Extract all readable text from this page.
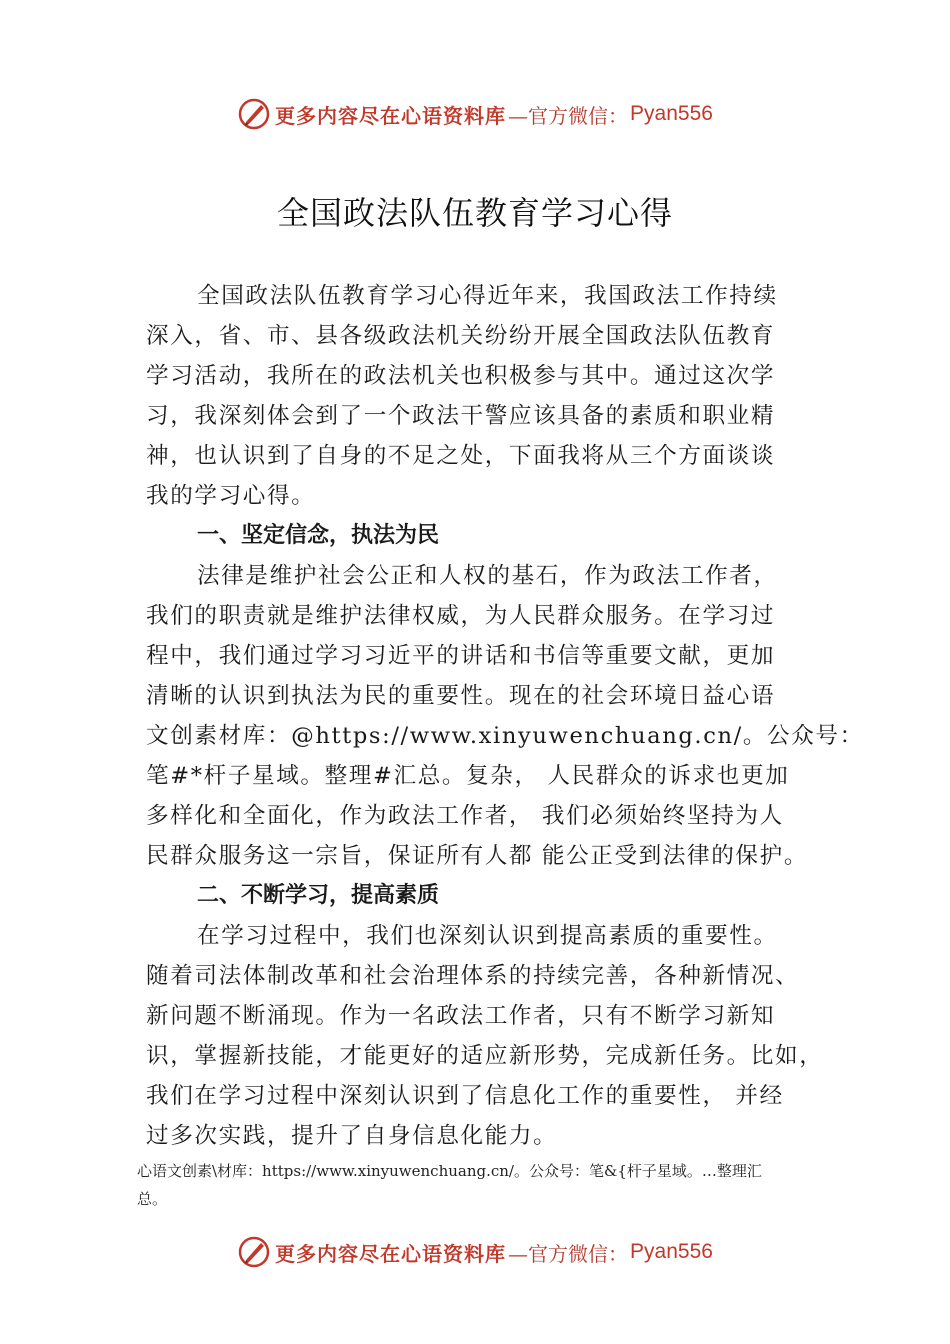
更多内容尽在心语资料库 —官方微信： Pyan556
全国政法队伍教育学习心得
全国政法队伍教育学习心得近年来，我国政法工作持续
深入，省、市、县各级政法机关纷纷开展全国政法队伍教育
学习活动，我所在的政法机关也积极参与其中。通过这次学
习，我深刻体会到了一个政法干警应该具备的素质和职业精
神，也认识到了自身的不足之处，下面我将从三个方面谈谈
我的学习心得。
一、坚定信念，执法为民
法律是维护社会公正和人权的基石，作为政法工作者，
我们的职责就是维护法律权威，为人民群众服务。在学习过
程中，我们通过学习习近平的讲话和书信等重要文献，更加
清晰的认识到执法为民的重要性。现在的社会环境日益心语
文创素材库：@https://www.xinyuwenchuang.cn/。公众号：
笔#*杆子星域。整理#汇总。复杂， 人民群众的诉求也更加
多样化和全面化，作为政法工作者， 我们必须始终坚持为人
民群众服务这一宗旨，保证所有人都 能公正受到法律的保护。
二、不断学习，提高素质
在学习过程中，我们也深刻认识到提高素质的重要性。
随着司法体制改革和社会治理体系的持续完善，各种新情况、
新问题不断涌现。作为一名政法工作者，只有不断学习新知
识，掌握新技能，才能更好的适应新形势，完成新任务。比如，
我们在学习过程中深刻认识到了信息化工作的重要性， 并经
过多次实践，提升了自身信息化能力。
心语文创素\材库：https://www.xinyuwenchuang.cn/。公众号：笔&{杆子星域。…整理汇
总。
更多内容尽在心语资料库 —官方微信： Pyan556
